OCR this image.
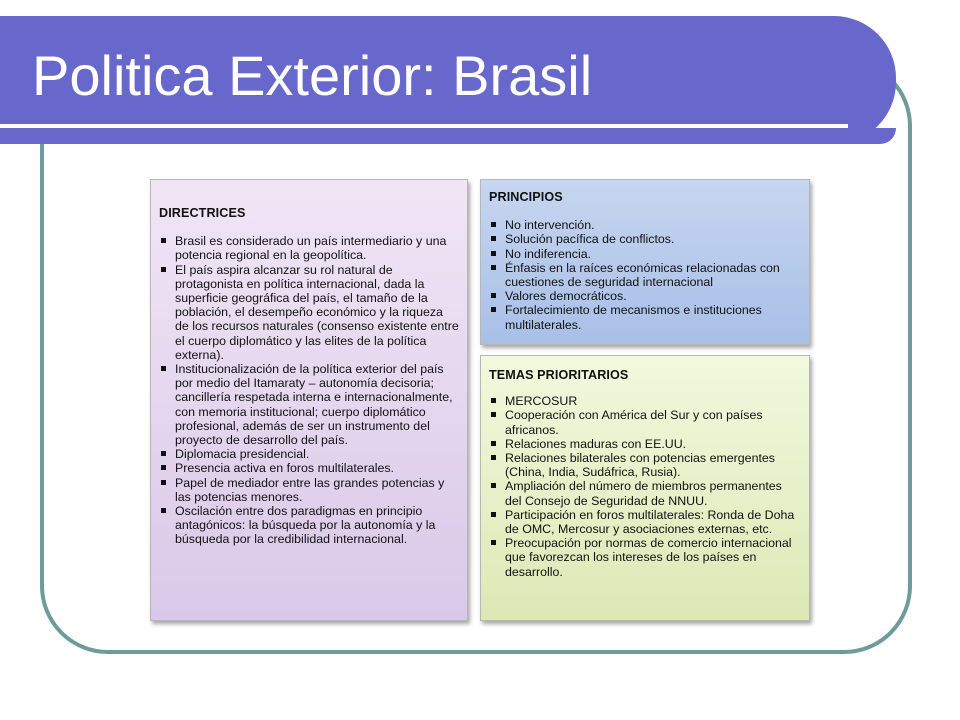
Politica Exterior: Brasil
DIRECTRICES
Brasil es considerado un país intermediario y una potencia regional en la geopolítica.
El país aspira alcanzar su rol natural de protagonista en política internacional, dada la superficie geográfica del país, el tamaño de la población, el desempeño económico y la riqueza de los recursos naturales (consenso existente entre el cuerpo diplomático y las elites de la política externa).
Institucionalización de la política exterior del país por medio del Itamaraty – autonomía decisoria; cancillería respetada interna e internacionalmente, con memoria institucional; cuerpo diplomático profesional, además de ser un instrumento del proyecto de desarrollo del país.
Diplomacia presidencial.
Presencia activa en foros multilaterales.
Papel de mediador entre las grandes potencias y las potencias menores.
Oscilación entre dos paradigmas en principio antagónicos: la búsqueda por la autonomía y la búsqueda por la credibilidad internacional.
PRINCIPIOS
No intervención.
Solución pacífica de conflictos.
No indiferencia.
Énfasis en la raíces económicas relacionadas con cuestiones de seguridad internacional
Valores democráticos.
Fortalecimiento de mecanismos e instituciones multilaterales.
TEMAS PRIORITARIOS
MERCOSUR
Cooperación con América del Sur y con países africanos.
Relaciones maduras con EE.UU.
Relaciones bilaterales con potencias emergentes (China, India, Sudáfrica, Rusia).
Ampliación del número de miembros permanentes del Consejo de Seguridad de NNUU.
Participación en foros multilaterales: Ronda de Doha de OMC, Mercosur y asociaciones externas, etc.
Preocupación por normas de comercio internacional que favorezcan los intereses de los países en desarrollo.
